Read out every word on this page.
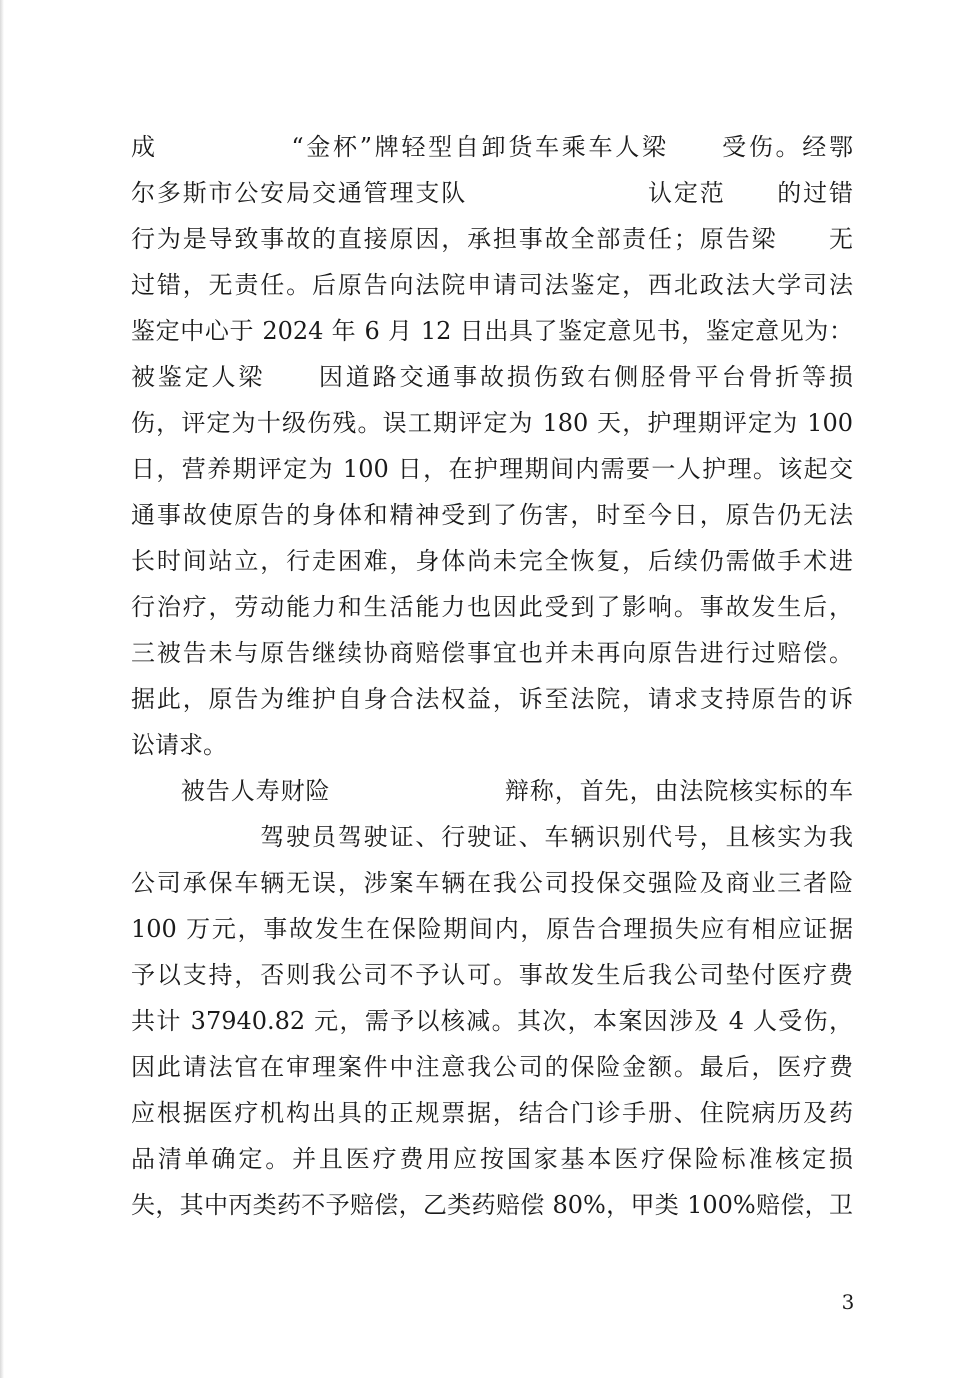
成　　　　　“金杯”牌轻型自卸货车乘车人梁　　受伤。经鄂
尔多斯市公安局交通管理支队　　　　　　　认定范　　的过错
行为是导致事故的直接原因，承担事故全部责任；原告梁　　无
过错，无责任。后原告向法院申请司法鉴定，西北政法大学司法
鉴定中心于 2024 年 6 月 12 日出具了鉴定意见书，鉴定意见为：
被鉴定人梁　　因道路交通事故损伤致右侧胫骨平台骨折等损
伤，评定为十级伤残。误工期评定为 180 天，护理期评定为 100
日，营养期评定为 100 日，在护理期间内需要一人护理。该起交
通事故使原告的身体和精神受到了伤害，时至今日，原告仍无法
长时间站立，行走困难，身体尚未完全恢复，后续仍需做手术进
行治疗，劳动能力和生活能力也因此受到了影响。事故发生后，
三被告未与原告继续协商赔偿事宜也并未再向原告进行过赔偿。
据此，原告为维护自身合法权益，诉至法院，请求支持原告的诉
讼请求。
　　被告人寿财险　　　　　　　辩称，首先，由法院核实标的车
　　　　　驾驶员驾驶证、行驶证、车辆识别代号，且核实为我
公司承保车辆无误，涉案车辆在我公司投保交强险及商业三者险
100 万元，事故发生在保险期间内，原告合理损失应有相应证据
予以支持，否则我公司不予认可。事故发生后我公司垫付医疗费
共计 37940.82 元，需予以核减。其次，本案因涉及 4 人受伤，
因此请法官在审理案件中注意我公司的保险金额。最后，医疗费
应根据医疗机构出具的正规票据，结合门诊手册、住院病历及药
品清单确定。并且医疗费用应按国家基本医疗保险标准核定损
失，其中丙类药不予赔偿，乙类药赔偿 80%，甲类 100%赔偿，卫
3
